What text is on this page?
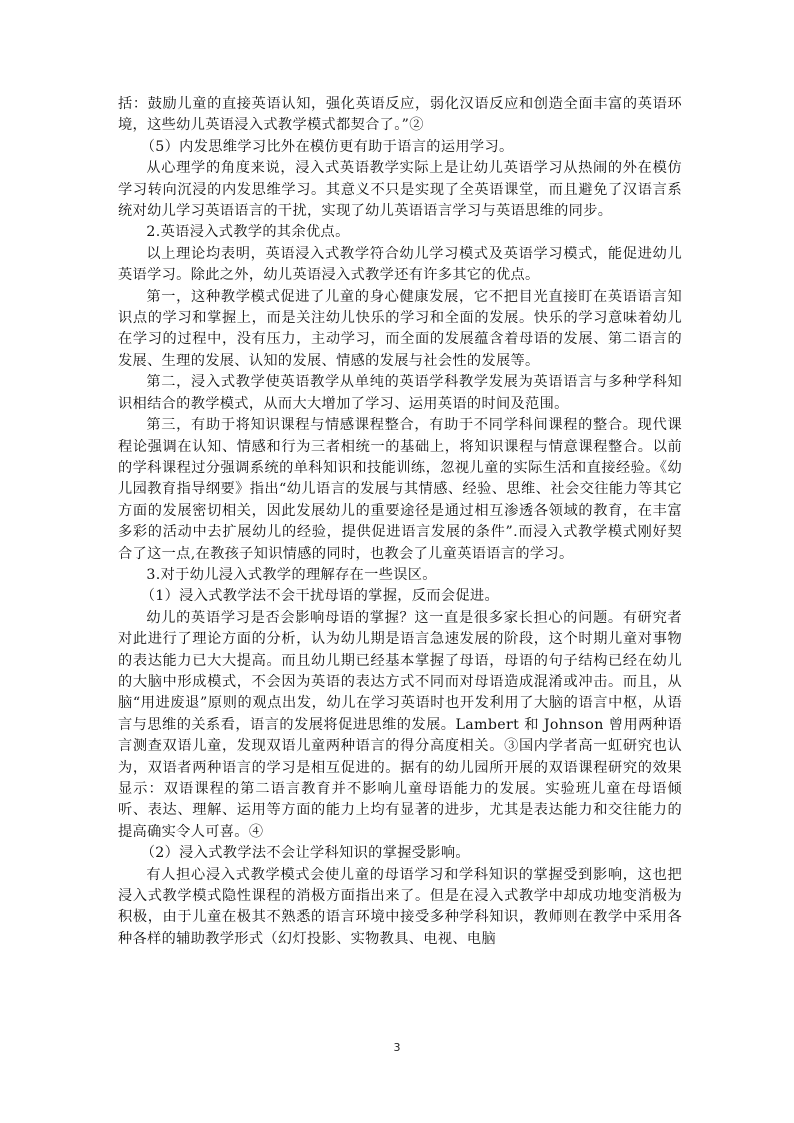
括：鼓励儿童的直接英语认知，强化英语反应，弱化汉语反应和创造全面丰富的英语环境，这些幼儿英语浸入式教学模式都契合了。”②

（5）内发思维学习比外在模仿更有助于语言的运用学习。

从心理学的角度来说，浸入式英语教学实际上是让幼儿英语学习从热闹的外在模仿学习转向沉浸的内发思维学习。其意义不只是实现了全英语课堂，而且避免了汉语言系统对幼儿学习英语语言的干扰，实现了幼儿英语语言学习与英语思维的同步。

2.英语浸入式教学的其余优点。

以上理论均表明，英语浸入式教学符合幼儿学习模式及英语学习模式，能促进幼儿英语学习。除此之外，幼儿英语浸入式教学还有许多其它的优点。

第一，这种教学模式促进了儿童的身心健康发展，它不把目光直接盯在英语语言知识点的学习和掌握上，而是关注幼儿快乐的学习和全面的发展。快乐的学习意味着幼儿在学习的过程中，没有压力，主动学习，而全面的发展蕴含着母语的发展、第二语言的发展、生理的发展、认知的发展、情感的发展与社会性的发展等。

第二，浸入式教学使英语教学从单纯的英语学科教学发展为英语语言与多种学科知识相结合的教学模式，从而大大增加了学习、运用英语的时间及范围。

第三，有助于将知识课程与情感课程整合，有助于不同学科间课程的整合。现代课程论强调在认知、情感和行为三者相统一的基础上，将知识课程与情意课程整合。以前的学科课程过分强调系统的单科知识和技能训练，忽视儿童的实际生活和直接经验。《幼儿园教育指导纲要》指出“幼儿语言的发展与其情感、经验、思维、社会交往能力等其它方面的发展密切相关，因此发展幼儿的重要途径是通过相互渗透各领域的教育，在丰富多彩的活动中去扩展幼儿的经验，提供促进语言发展的条件”.而浸入式教学模式刚好契合了这一点,在教孩子知识情感的同时，也教会了儿童英语语言的学习。

3.对于幼儿浸入式教学的理解存在一些误区。

（1）浸入式教学法不会干扰母语的掌握，反而会促进。

幼儿的英语学习是否会影响母语的掌握？这一直是很多家长担心的问题。有研究者对此进行了理论方面的分析，认为幼儿期是语言急速发展的阶段，这个时期儿童对事物的表达能力已大大提高。而且幼儿期已经基本掌握了母语，母语的句子结构已经在幼儿的大脑中形成模式，不会因为英语的表达方式不同而对母语造成混淆或冲击。而且，从脑“用进废退”原则的观点出发，幼儿在学习英语时也开发利用了大脑的语言中枢，从语言与思维的关系看，语言的发展将促进思维的发展。Lambert 和 Johnson 曾用两种语言测查双语儿童，发现双语儿童两种语言的得分高度相关。③国内学者高一虹研究也认为，双语者两种语言的学习是相互促进的。据有的幼儿园所开展的双语课程研究的效果显示：双语课程的第二语言教育并不影响儿童母语能力的发展。实验班儿童在母语倾听、表达、理解、运用等方面的能力上均有显著的进步，尤其是表达能力和交往能力的提高确实令人可喜。④

（2）浸入式教学法不会让学科知识的掌握受影响。

有人担心浸入式教学模式会使儿童的母语学习和学科知识的掌握受到影响，这也把浸入式教学模式隐性课程的消极方面指出来了。但是在浸入式教学中却成功地变消极为积极，由于儿童在极其不熟悉的语言环境中接受多种学科知识，教师则在教学中采用各种各样的辅助教学形式（幻灯投影、实物教具、电视、电脑

3
